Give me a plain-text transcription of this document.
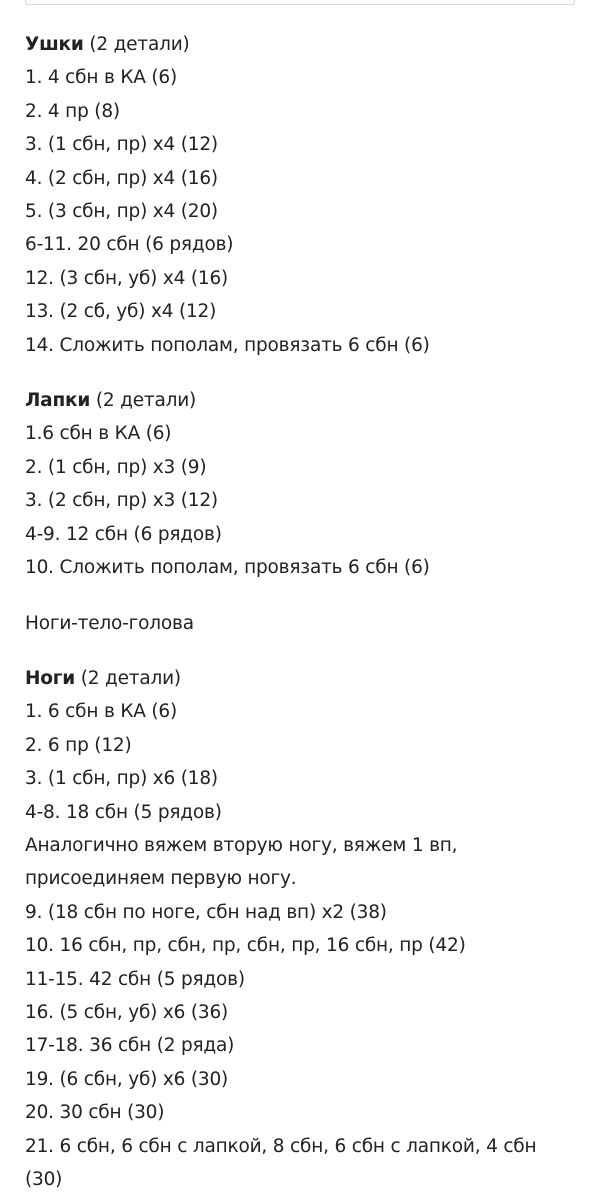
Ушки (2 детали)
1. 4 сбн в КА (6)
2. 4 пр (8)
3. (1 сбн, пр) х4 (12)
4. (2 сбн, пр) х4 (16)
5. (3 сбн, пр) х4 (20)
6-11. 20 сбн (6 рядов)
12. (3 сбн, уб) х4 (16)
13. (2 сб, уб) х4 (12)
14. Сложить пополам, провязать 6 сбн (6)
Лапки (2 детали)
1.6 сбн в КА (6)
2. (1 сбн, пр) х3 (9)
3. (2 сбн, пр) х3 (12)
4-9. 12 сбн (6 рядов)
10. Сложить пополам, провязать 6 сбн (6)
Ноги-тело-голова
Ноги (2 детали)
1. 6 сбн в КА (6)
2. 6 пр (12)
3. (1 сбн, пр) х6 (18)
4-8. 18 сбн (5 рядов)
Аналогично вяжем вторую ногу, вяжем 1 вп,
присоединяем первую ногу.
9. (18 сбн по ноге, сбн над вп) х2 (38)
10. 16 сбн, пр, сбн, пр, сбн, пр, 16 сбн, пр (42)
11-15. 42 сбн (5 рядов)
16. (5 сбн, уб) х6 (36)
17-18. 36 сбн (2 ряда)
19. (6 сбн, уб) х6 (30)
20. 30 сбн (30)
21. 6 сбн, 6 сбн с лапкой, 8 сбн, 6 сбн с лапкой, 4 сбн
(30)
